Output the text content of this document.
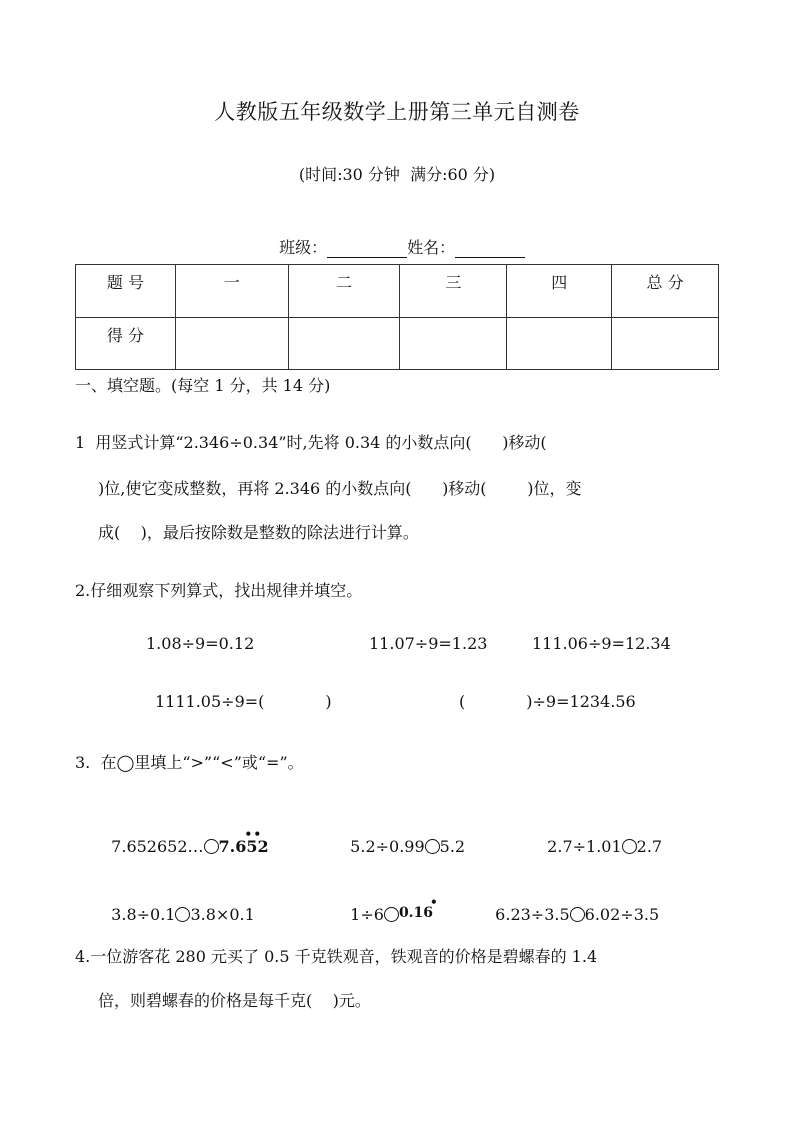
人教版五年级数学上册第三单元自测卷
(时间:30 分钟  满分:60 分)

班级：	姓名：

题 号	一	二	三	四	总 分
得 分					
一、填空题。(每空 1 分，共 14 分)
1  用竖式计算“2.346÷0.34”时,先将 0.34 的小数点向(      )移动(
)位,使它变成整数，再将 2.346 的小数点向(      )移动(        )位，变
成(    )，最后按除数是整数的除法进行计算。
2.仔细观察下列算式，找出规律并填空。
1.08÷9=0.12	11.07÷9=1.23	111.06÷9=12.34
1111.05÷9=(            )	(            )÷9=1234.56
3.  在◯里填上“>”“<”或“=”。

7.652652… 7.652
• •

5.2÷0.99 5.2	2.7÷1.01 2.7

3.8÷0.1 3.8×0.1	1÷6 0.16
•

6.23÷3.5 6.02÷3.5

4.一位游客花 280 元买了 0.5 千克铁观音，铁观音的价格是碧螺春的 1.4
倍，则碧螺春的价格是每千克(    )元。
